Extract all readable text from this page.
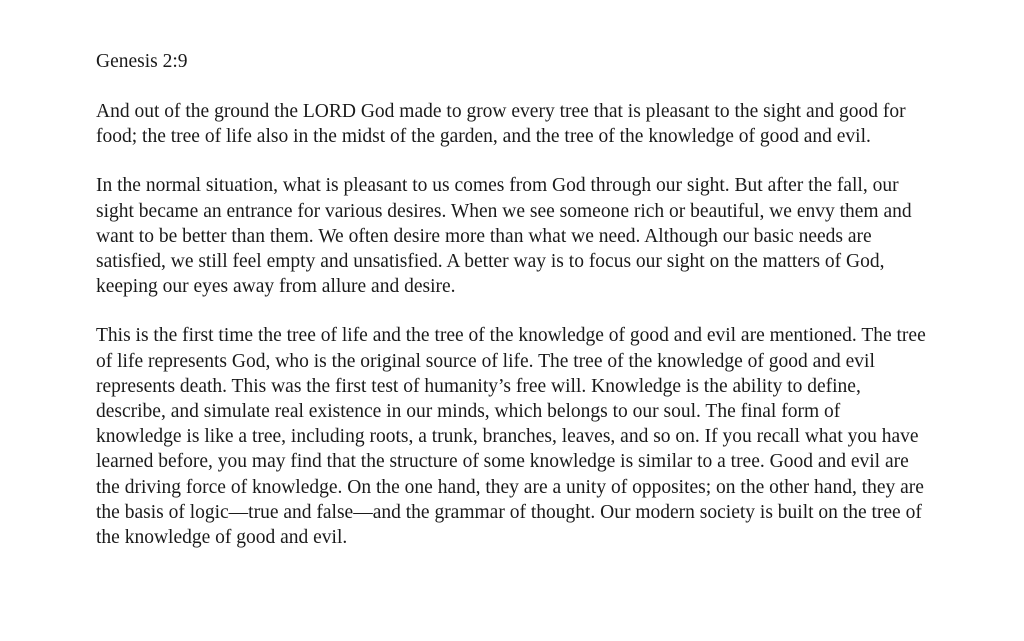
Genesis 2:9

And out of the ground the LORD God made to grow every tree that is pleasant to the sight and good for food; the tree of life also in the midst of the garden, and the tree of the knowledge of good and evil.

In the normal situation, what is pleasant to us comes from God through our sight. But after the fall, our sight became an entrance for various desires. When we see someone rich or beautiful, we envy them and want to be better than them. We often desire more than what we need. Although our basic needs are satisfied, we still feel empty and unsatisfied. A better way is to focus our sight on the matters of God, keeping our eyes away from allure and desire.

This is the first time the tree of life and the tree of the knowledge of good and evil are mentioned. The tree of life represents God, who is the original source of life. The tree of the knowledge of good and evil represents death. This was the first test of humanity’s free will. Knowledge is the ability to define, describe, and simulate real existence in our minds, which belongs to our soul. The final form of knowledge is like a tree, including roots, a trunk, branches, leaves, and so on. If you recall what you have learned before, you may find that the structure of some knowledge is similar to a tree. Good and evil are the driving force of knowledge. On the one hand, they are a unity of opposites; on the other hand, they are the basis of logic—true and false—and the grammar of thought. Our modern society is built on the tree of the knowledge of good and evil.
